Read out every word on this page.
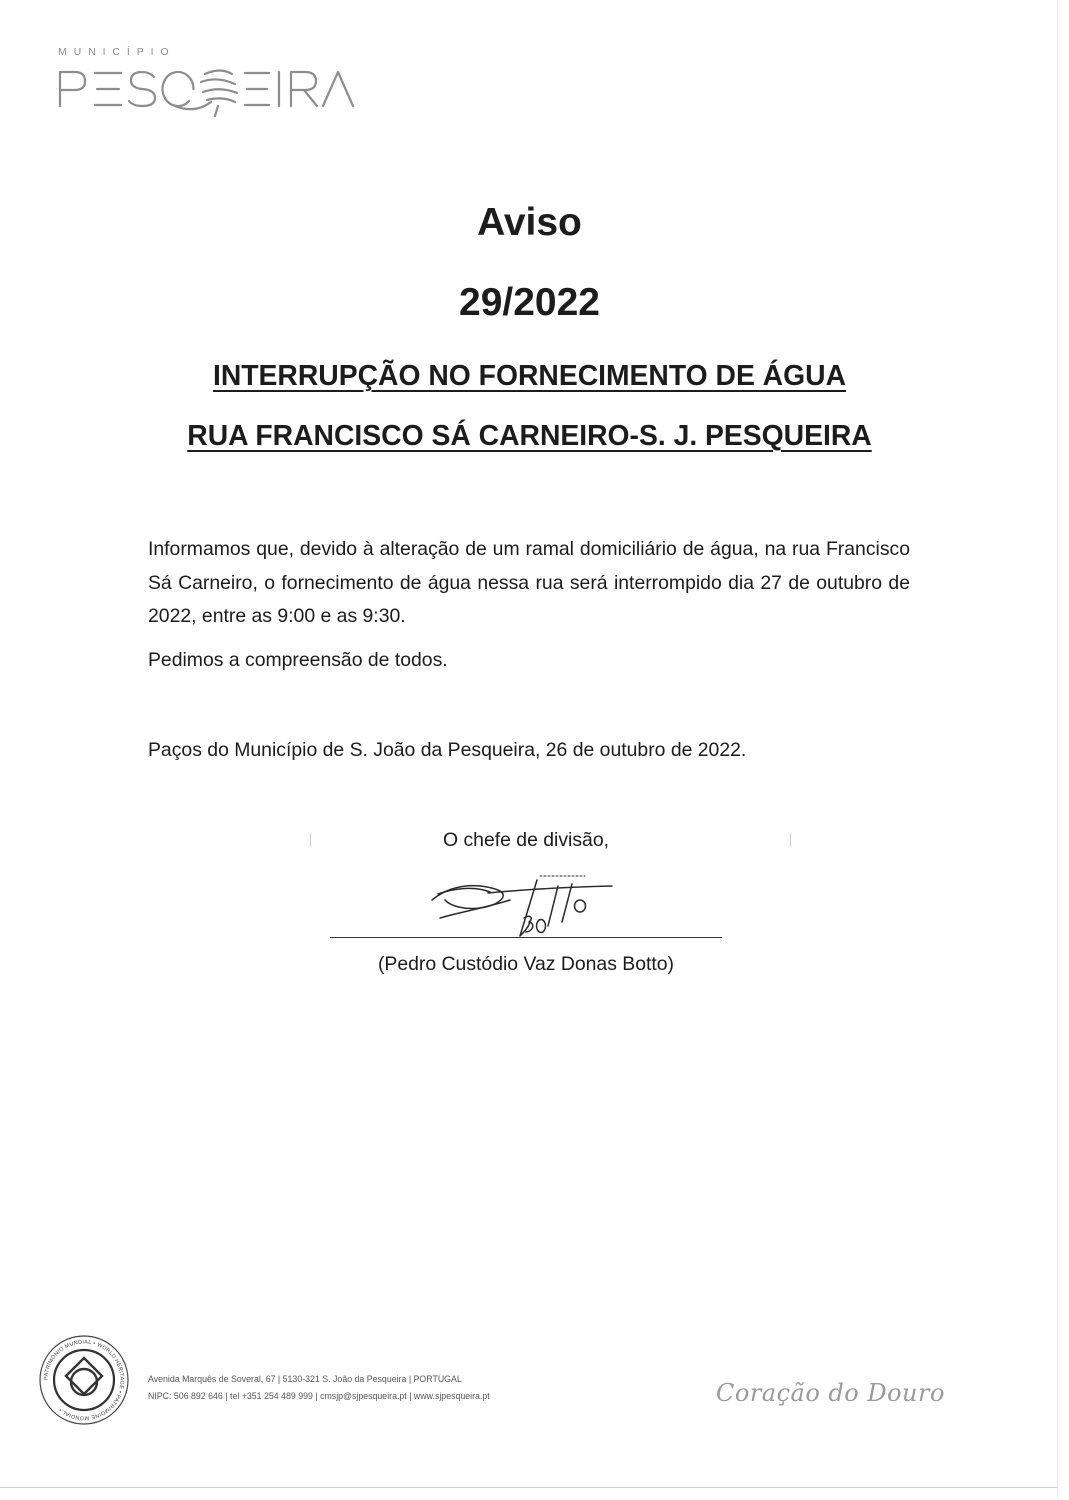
MUNICÍPIO
Aviso
29/2022
INTERRUPÇÃO NO FORNECIMENTO DE ÁGUA
RUA FRANCISCO SÁ CARNEIRO-S. J. PESQUEIRA
Informamos que, devido à alteração de um ramal domiciliário de água, na rua Francisco
Sá Carneiro, o fornecimento de água nessa rua será interrompido dia 27 de outubro de
2022, entre as 9:00 e as 9:30.
Pedimos a compreensão de todos.
Paços do Município de S. João da Pesqueira, 26 de outubro de 2022.
O chefe de divisão,
(Pedro Custódio Vaz Donas Botto)
PATRIMÓNIO MUNDIAL • WORLD HERITAGE • PATRIMOINE MONDIAL •
Avenida Marquês de Soveral, 67 | 5130-321 S. João da Pesqueira | PORTUGAL
NIPC: 506 892 646 | tel +351 254 489 999 | cmsjp@sjpesqueira.pt | www.sjpesqueira.pt	Coração do Douro
